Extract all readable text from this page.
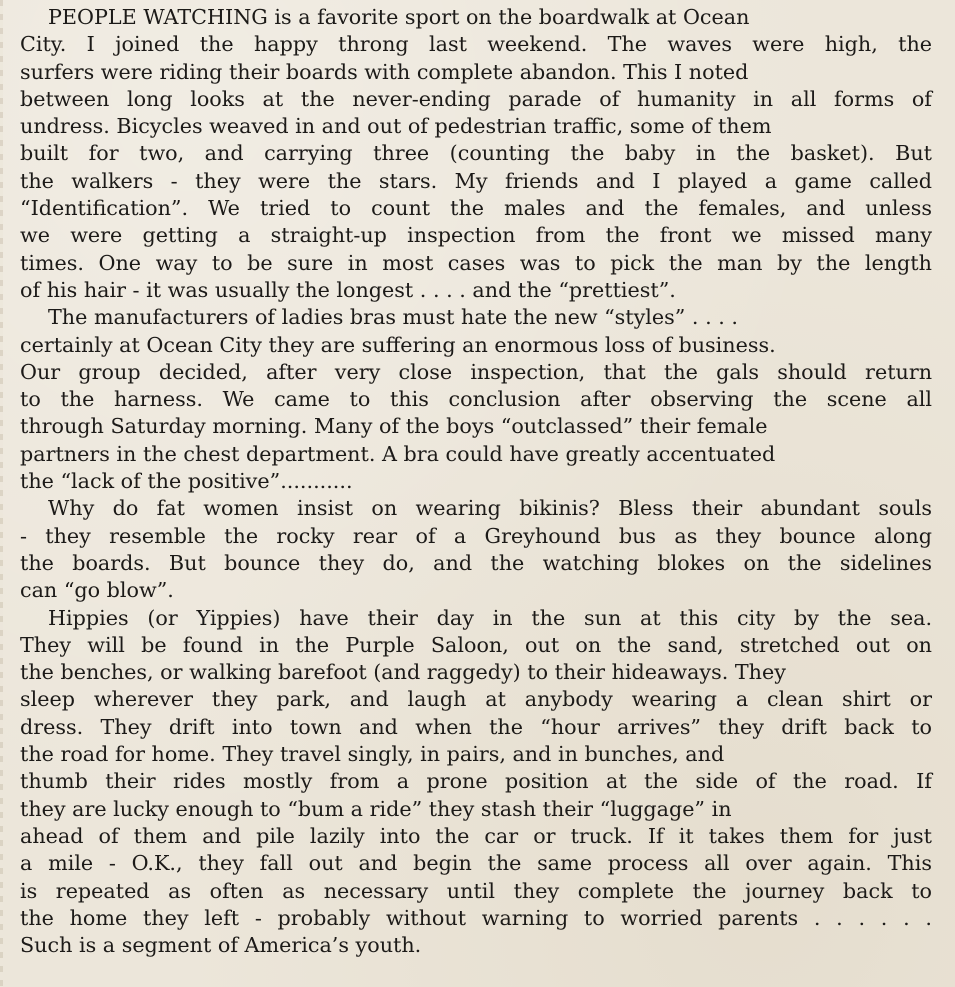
PEOPLE WATCHING is a favorite sport on the boardwalk at Ocean
City. I joined the happy throng last weekend. The waves were high, the
surfers were riding their boards with complete abandon. This I noted
between long looks at the never-ending parade of humanity in all forms of
undress. Bicycles weaved in and out of pedestrian traffic, some of them
built for two, and carrying three (counting the baby in the basket). But
the walkers - they were the stars. My friends and I played a game called
“Identification”. We tried to count the males and the females, and unless
we were getting a straight-up inspection from the front we missed many
times. One way to be sure in most cases was to pick the man by the length
of his hair - it was usually the longest . . . . and the “prettiest”.
The manufacturers of ladies bras must hate the new “styles” . . . .
certainly at Ocean City they are suffering an enormous loss of business.
Our group decided, after very close inspection, that the gals should return
to the harness. We came to this conclusion after observing the scene all
through Saturday morning. Many of the boys “outclassed” their female
partners in the chest department. A bra could have greatly accentuated
the “lack of the positive”...........
Why do fat women insist on wearing bikinis? Bless their abundant souls
- they resemble the rocky rear of a Greyhound bus as they bounce along
the boards. But bounce they do, and the watching blokes on the sidelines
can “go blow”.
Hippies (or Yippies) have their day in the sun at this city by the sea.
They will be found in the Purple Saloon, out on the sand, stretched out on
the benches, or walking barefoot (and raggedy) to their hideaways. They
sleep wherever they park, and laugh at anybody wearing a clean shirt or
dress. They drift into town and when the “hour arrives” they drift back to
the road for home. They travel singly, in pairs, and in bunches, and
thumb their rides mostly from a prone position at the side of the road. If
they are lucky enough to “bum a ride” they stash their “luggage” in
ahead of them and pile lazily into the car or truck. If it takes them for just
a mile - O.K., they fall out and begin the same process all over again. This
is repeated as often as necessary until they complete the journey back to
the home they left - probably without warning to worried parents . . . . . .
Such is a segment of America’s youth.
